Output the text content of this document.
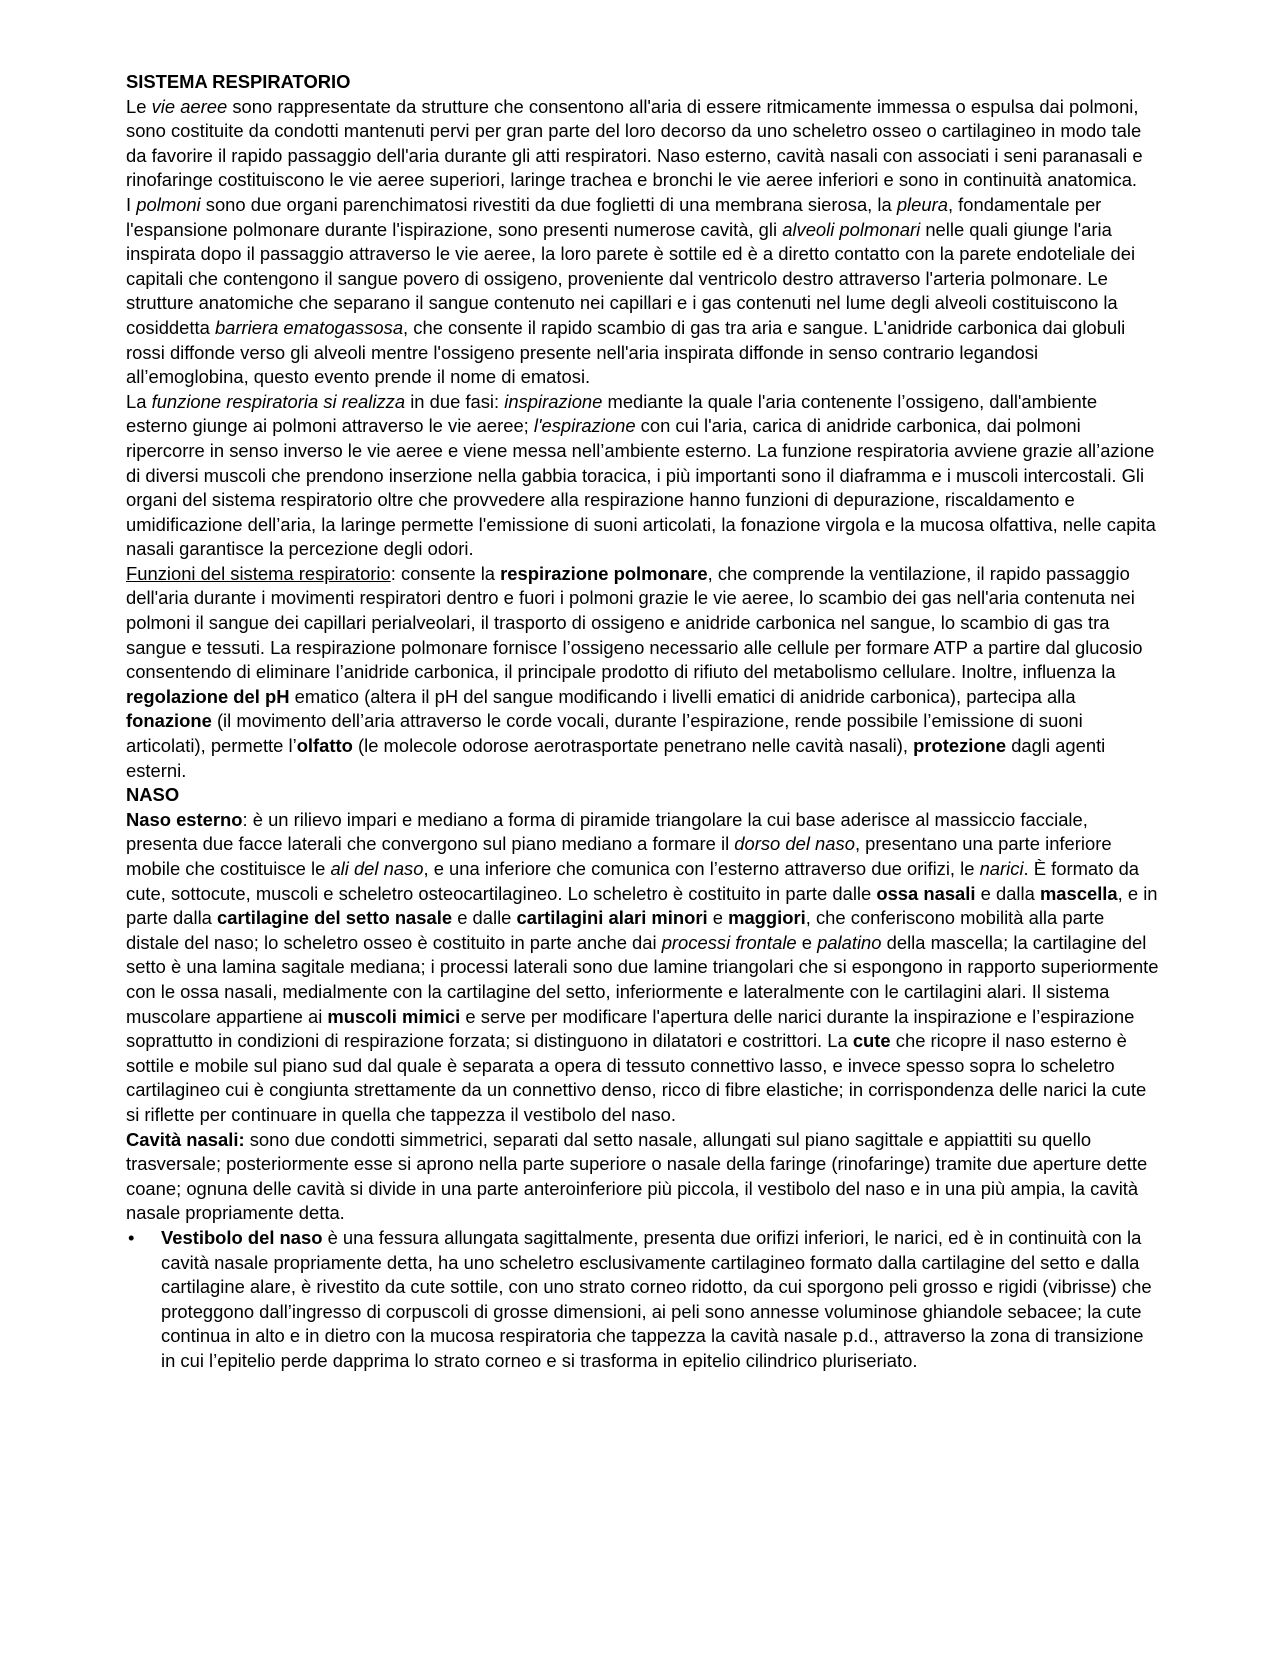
SISTEMA RESPIRATORIO

Le vie aeree sono rappresentate da strutture che consentono all'aria di essere ritmicamente immessa o espulsa dai polmoni, sono costituite da condotti mantenuti pervi per gran parte del loro decorso da uno scheletro osseo o cartilagineo in modo tale da favorire il rapido passaggio dell'aria durante gli atti respiratori. Naso esterno, cavità nasali con associati i seni paranasali e rinofaringe costituiscono le vie aeree superiori, laringe trachea e bronchi le vie aeree inferiori e sono in continuità anatomica.

I polmoni sono due organi parenchimatosi rivestiti da due foglietti di una membrana sierosa, la pleura, fondamentale per l'espansione polmonare durante l'ispirazione, sono presenti numerose cavità, gli alveoli polmonari nelle quali giunge l'aria inspirata dopo il passaggio attraverso le vie aeree, la loro parete è sottile ed è a diretto contatto con la parete endoteliale dei capitali che contengono il sangue povero di ossigeno, proveniente dal ventricolo destro attraverso l'arteria polmonare. Le strutture anatomiche che separano il sangue contenuto nei capillari e i gas contenuti nel lume degli alveoli costituiscono la cosiddetta barriera ematogassosa, che consente il rapido scambio di gas tra aria e sangue. L'anidride carbonica dai globuli rossi diffonde verso gli alveoli mentre l'ossigeno presente nell'aria inspirata diffonde in senso contrario legandosi all’emoglobina, questo evento prende il nome di ematosi.

La funzione respiratoria si realizza in due fasi: inspirazione mediante la quale l'aria contenente l’ossigeno, dall'ambiente esterno giunge ai polmoni attraverso le vie aeree; l'espirazione con cui l'aria, carica di anidride carbonica, dai polmoni ripercorre in senso inverso le vie aeree e viene messa nell’ambiente esterno. La funzione respiratoria avviene grazie all’azione di diversi muscoli che prendono inserzione nella gabbia toracica, i più importanti sono il diaframma e i muscoli intercostali. Gli organi del sistema respiratorio oltre che provvedere alla respirazione hanno funzioni di depurazione, riscaldamento e umidificazione dell’aria, la laringe permette l'emissione di suoni articolati, la fonazione virgola e la mucosa olfattiva, nelle capita nasali garantisce la percezione degli odori.

Funzioni del sistema respiratorio: consente la respirazione polmonare, che comprende la ventilazione, il rapido passaggio dell'aria durante i movimenti respiratori dentro e fuori i polmoni grazie le vie aeree, lo scambio dei gas nell'aria contenuta nei polmoni il sangue dei capillari perialveolari, il trasporto di ossigeno e anidride carbonica nel sangue, lo scambio di gas tra sangue e tessuti. La respirazione polmonare fornisce l’ossigeno necessario alle cellule per formare ATP a partire dal glucosio consentendo di eliminare l’anidride carbonica, il principale prodotto di rifiuto del metabolismo cellulare. Inoltre, influenza la regolazione del pH ematico (altera il pH del sangue modificando i livelli ematici di anidride carbonica), partecipa alla fonazione (il movimento dell’aria attraverso le corde vocali, durante l’espirazione, rende possibile l’emissione di suoni articolati), permette l’olfatto (le molecole odorose aerotrasportate penetrano nelle cavità nasali), protezione dagli agenti esterni.

NASO

Naso esterno: è un rilievo impari e mediano a forma di piramide triangolare la cui base aderisce al massiccio facciale, presenta due facce laterali che convergono sul piano mediano a formare il dorso del naso, presentano una parte inferiore mobile che costituisce le ali del naso, e una inferiore che comunica con l’esterno attraverso due orifizi, le narici. È formato da cute, sottocute, muscoli e scheletro osteocartilagineo. Lo scheletro è costituito in parte dalle ossa nasali e dalla mascella, e in parte dalla cartilagine del setto nasale e dalle cartilagini alari minori e maggiori, che conferiscono mobilità alla parte distale del naso; lo scheletro osseo è costituito in parte anche dai processi frontale e palatino della mascella; la cartilagine del setto è una lamina sagitale mediana; i processi laterali sono due lamine triangolari che si espongono in rapporto superiormente con le ossa nasali, medialmente con la cartilagine del setto, inferiormente e lateralmente con le cartilagini alari. Il sistema muscolare appartiene ai muscoli mimici e serve per modificare l'apertura delle narici durante la inspirazione e l’espirazione soprattutto in condizioni di respirazione forzata; si distinguono in dilatatori e costrittori. La cute che ricopre il naso esterno è sottile e mobile sul piano sud dal quale è separata a opera di tessuto connettivo lasso, e invece spesso sopra lo scheletro cartilagineo cui è congiunta strettamente da un connettivo denso, ricco di fibre elastiche; in corrispondenza delle narici la cute si riflette per continuare in quella che tappezza il vestibolo del naso.

Cavità nasali: sono due condotti simmetrici, separati dal setto nasale, allungati sul piano sagittale e appiattiti su quello trasversale; posteriormente esse si aprono nella parte superiore o nasale della faringe (rinofaringe) tramite due aperture dette coane; ognuna delle cavità si divide in una parte anteroinferiore più piccola, il vestibolo del naso e in una più ampia, la cavità nasale propriamente detta.

• Vestibolo del naso è una fessura allungata sagittalmente, presenta due orifizi inferiori, le narici, ed è in continuità con la cavità nasale propriamente detta, ha uno scheletro esclusivamente cartilagineo formato dalla cartilagine del setto e dalla cartilagine alare, è rivestito da cute sottile, con uno strato corneo ridotto, da cui sporgono peli grosso e rigidi (vibrisse) che proteggono dall’ingresso di corpuscoli di grosse dimensioni, ai peli sono annesse voluminose ghiandole sebacee; la cute continua in alto e in dietro con la mucosa respiratoria che tappezza la cavità nasale p.d., attraverso la zona di transizione in cui l’epitelio perde dapprima lo strato corneo e si trasforma in epitelio cilindrico pluriseriato.
